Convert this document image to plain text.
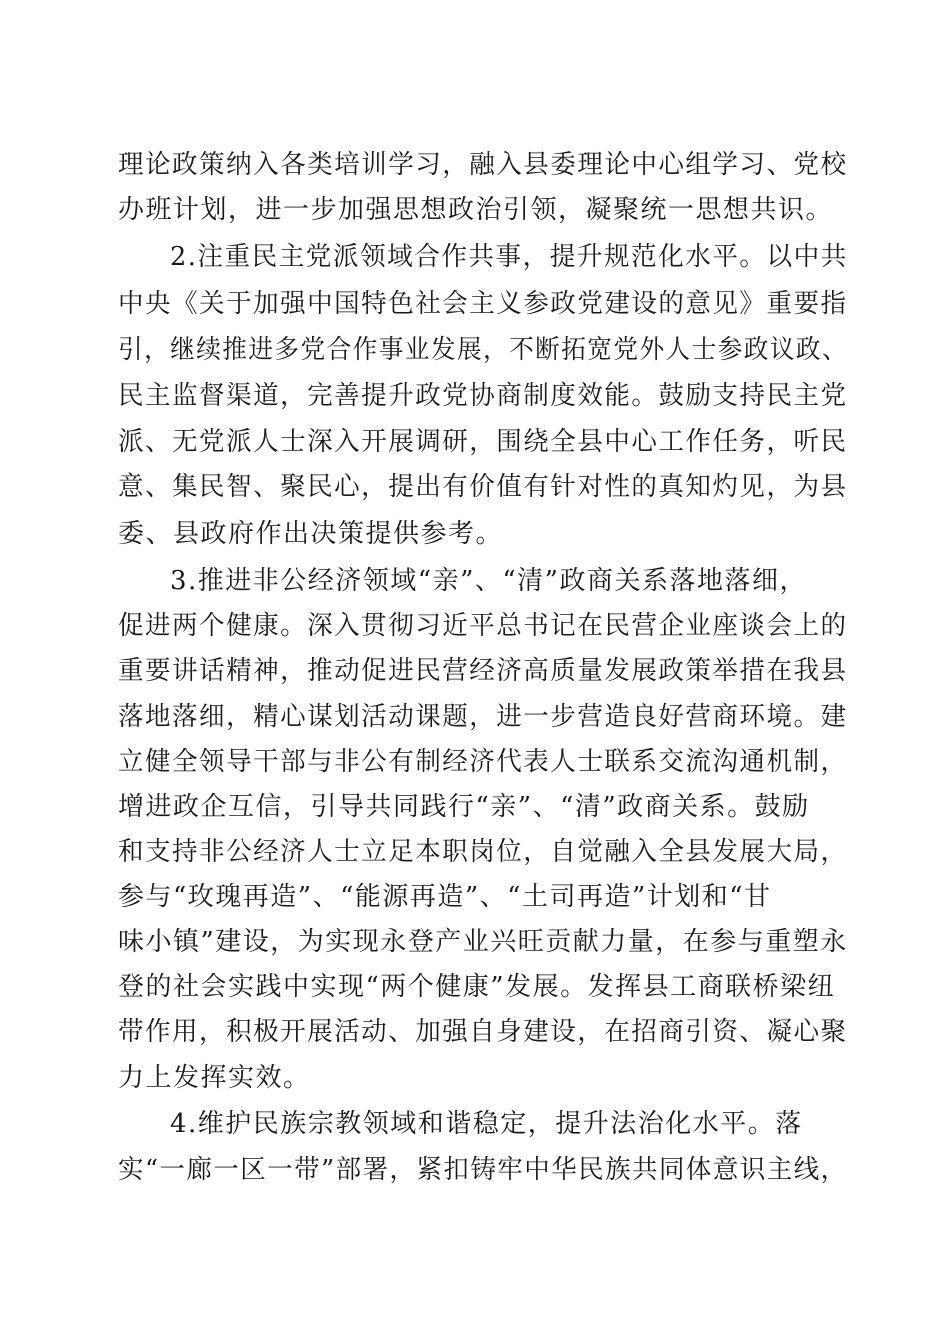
理论政策纳入各类培训学习，融入县委理论中心组学习、党校
办班计划，进一步加强思想政治引领，凝聚统一思想共识。
2.注重民主党派领域合作共事，提升规范化水平。以中共
中央《关于加强中国特色社会主义参政党建设的意见》重要指
引，继续推进多党合作事业发展，不断拓宽党外人士参政议政、
民主监督渠道，完善提升政党协商制度效能。鼓励支持民主党
派、无党派人士深入开展调研，围绕全县中心工作任务，听民
意、集民智、聚民心，提出有价值有针对性的真知灼见，为县
委、县政府作出决策提供参考。
3.推进非公经济领域“亲”、“清”政商关系落地落细，
促进两个健康。深入贯彻习近平总书记在民营企业座谈会上的
重要讲话精神，推动促进民营经济高质量发展政策举措在我县
落地落细，精心谋划活动课题，进一步营造良好营商环境。建
立健全领导干部与非公有制经济代表人士联系交流沟通机制，
增进政企互信，引导共同践行“亲”、“清”政商关系。鼓励
和支持非公经济人士立足本职岗位，自觉融入全县发展大局，
参与“玫瑰再造”、“能源再造”、“土司再造”计划和“甘
味小镇”建设，为实现永登产业兴旺贡献力量，在参与重塑永
登的社会实践中实现“两个健康”发展。发挥县工商联桥梁纽
带作用，积极开展活动、加强自身建设，在招商引资、凝心聚
力上发挥实效。
4.维护民族宗教领域和谐稳定，提升法治化水平。落
实“一廊一区一带”部署，紧扣铸牢中华民族共同体意识主线，
